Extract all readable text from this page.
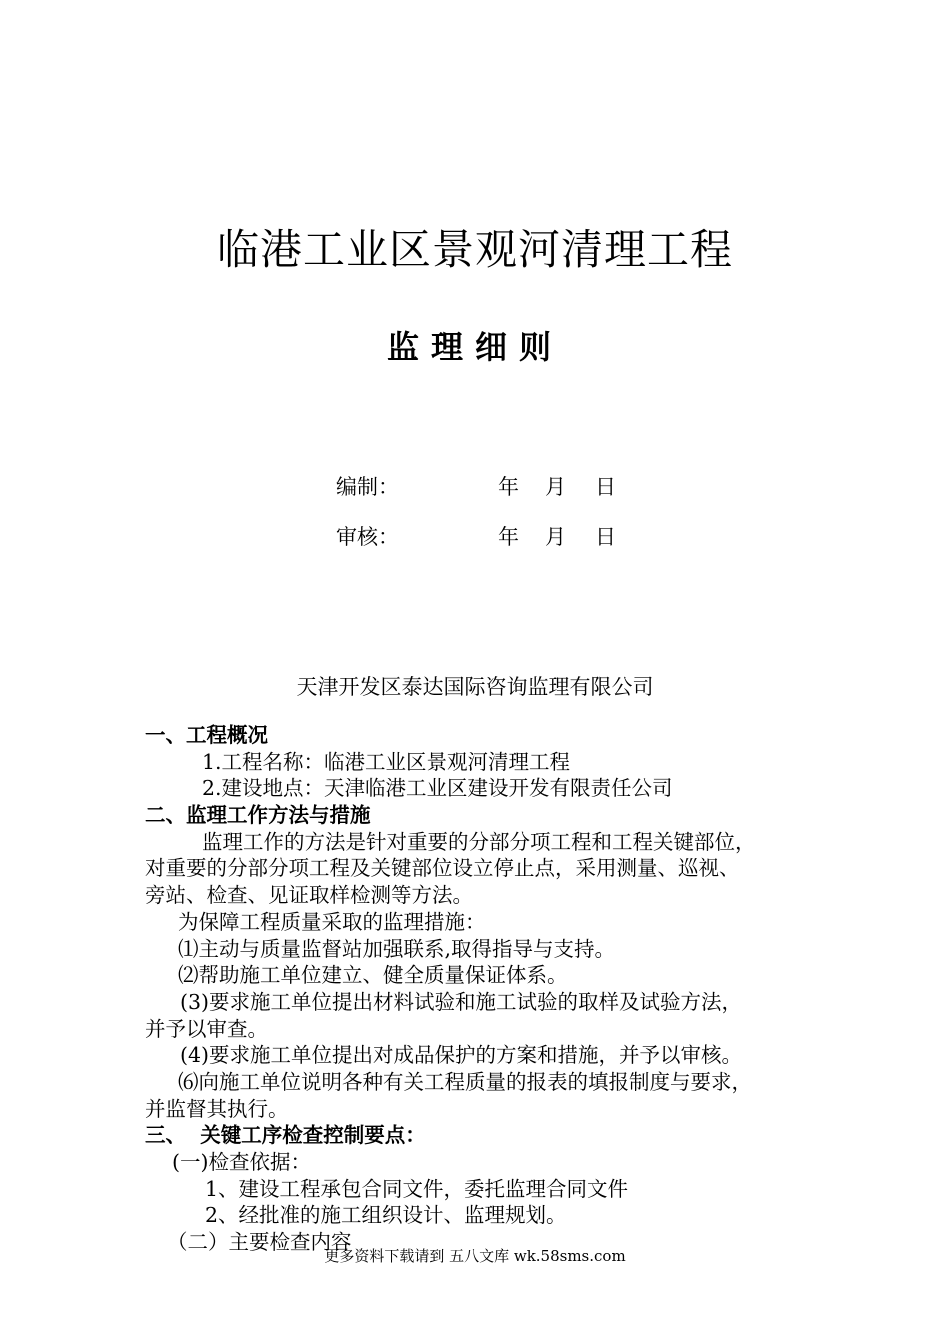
临港工业区景观河清理工程
监理细则
编制：	年 月 日
审核：	年 月 日
天津开发区泰达国际咨询监理有限公司
一、工程概况
1.工程名称：临港工业区景观河清理工程
2.建设地点：天津临港工业区建设开发有限责任公司
二、监理工作方法与措施
监理工作的方法是针对重要的分部分项工程和工程关键部位，
对重要的分部分项工程及关键部位设立停止点，采用测量、巡视、
旁站、检查、见证取样检测等方法。
为保障工程质量采取的监理措施：
⑴主动与质量监督站加强联系,取得指导与支持。
⑵帮助施工单位建立、健全质量保证体系。
(3)要求施工单位提出材料试验和施工试验的取样及试验方法，
并予以审查。
(4)要求施工单位提出对成品保护的方案和措施，并予以审核。
⑹向施工单位说明各种有关工程质量的报表的填报制度与要求，
并监督其执行。
三、  关键工序检查控制要点：
(一)检查依据：
1、建设工程承包合同文件，委托监理合同文件
2、经批准的施工组织设计、监理规划。
（二）主要检查内容
更多资料下载请到 五八文库 wk.58sms.com
